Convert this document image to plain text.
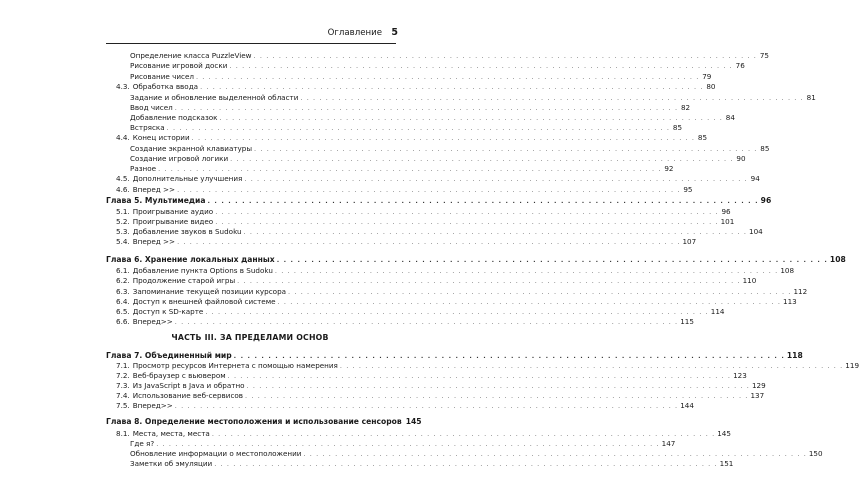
Оглавление 5
ЧАСТЬ III. ЗА ПРЕДЕЛАМИ ОСНОВ
Определение класса PuzzleView . . . . . . . . . . . . . . . . . . . . . . . . . . . . . . . . . . . . . . . . . . . . . . . . . . . . . . . . . . . . . . . . . . . . . . . . . . . . . . . . 75
Рисование игровой доски . . . . . . . . . . . . . . . . . . . . . . . . . . . . . . . . . . . . . . . . . . . . . . . . . . . . . . . . . . . . . . . . . . . . . . . . . . . . . . . . 76
Рисование чисел . . . . . . . . . . . . . . . . . . . . . . . . . . . . . . . . . . . . . . . . . . . . . . . . . . . . . . . . . . . . . . . . . . . . . . . . . . . . . . . . 79
4.3. Обработка ввода . . . . . . . . . . . . . . . . . . . . . . . . . . . . . . . . . . . . . . . . . . . . . . . . . . . . . . . . . . . . . . . . . . . . . . . . . . . . . . . . 80
Задание и обновление выделенной области . . . . . . . . . . . . . . . . . . . . . . . . . . . . . . . . . . . . . . . . . . . . . . . . . . . . . . . . . . . . . . . . . . . . . . . . . . . . . . . . 81
Ввод чисел . . . . . . . . . . . . . . . . . . . . . . . . . . . . . . . . . . . . . . . . . . . . . . . . . . . . . . . . . . . . . . . . . . . . . . . . . . . . . . . . 82
Добавление подсказок . . . . . . . . . . . . . . . . . . . . . . . . . . . . . . . . . . . . . . . . . . . . . . . . . . . . . . . . . . . . . . . . . . . . . . . . . . . . . . . . 84
Встряска . . . . . . . . . . . . . . . . . . . . . . . . . . . . . . . . . . . . . . . . . . . . . . . . . . . . . . . . . . . . . . . . . . . . . . . . . . . . . . . . 85
4.4. Конец истории . . . . . . . . . . . . . . . . . . . . . . . . . . . . . . . . . . . . . . . . . . . . . . . . . . . . . . . . . . . . . . . . . . . . . . . . . . . . . . . . 85
Создание экранной клавиатуры . . . . . . . . . . . . . . . . . . . . . . . . . . . . . . . . . . . . . . . . . . . . . . . . . . . . . . . . . . . . . . . . . . . . . . . . . . . . . . . . 85
Создание игровой логики . . . . . . . . . . . . . . . . . . . . . . . . . . . . . . . . . . . . . . . . . . . . . . . . . . . . . . . . . . . . . . . . . . . . . . . . . . . . . . . . 90
Разное . . . . . . . . . . . . . . . . . . . . . . . . . . . . . . . . . . . . . . . . . . . . . . . . . . . . . . . . . . . . . . . . . . . . . . . . . . . . . . . . 92
4.5. Дополнительные улучшения . . . . . . . . . . . . . . . . . . . . . . . . . . . . . . . . . . . . . . . . . . . . . . . . . . . . . . . . . . . . . . . . . . . . . . . . . . . . . . . . 94
4.6. Вперед >> . . . . . . . . . . . . . . . . . . . . . . . . . . . . . . . . . . . . . . . . . . . . . . . . . . . . . . . . . . . . . . . . . . . . . . . . . . . . . . . . 95
Глава 5. Мультимедиа . . . . . . . . . . . . . . . . . . . . . . . . . . . . . . . . . . . . . . . . . . . . . . . . . . . . . . . . . . . . . . . . . . . . . . . . . . . . . . . . 96
5.1. Проигрывание аудио . . . . . . . . . . . . . . . . . . . . . . . . . . . . . . . . . . . . . . . . . . . . . . . . . . . . . . . . . . . . . . . . . . . . . . . . . . . . . . . . 96
5.2. Проигрывание видео . . . . . . . . . . . . . . . . . . . . . . . . . . . . . . . . . . . . . . . . . . . . . . . . . . . . . . . . . . . . . . . . . . . . . . . . . . . . . . . . 101
5.3. Добавление звуков в Sudoku . . . . . . . . . . . . . . . . . . . . . . . . . . . . . . . . . . . . . . . . . . . . . . . . . . . . . . . . . . . . . . . . . . . . . . . . . . . . . . . . 104
5.4. Вперед >> . . . . . . . . . . . . . . . . . . . . . . . . . . . . . . . . . . . . . . . . . . . . . . . . . . . . . . . . . . . . . . . . . . . . . . . . . . . . . . . . 107
Глава 6. Хранение локальных данных . . . . . . . . . . . . . . . . . . . . . . . . . . . . . . . . . . . . . . . . . . . . . . . . . . . . . . . . . . . . . . . . . . . . . . . . . . . . . . . . 108
6.1. Добавление пункта Options в Sudoku . . . . . . . . . . . . . . . . . . . . . . . . . . . . . . . . . . . . . . . . . . . . . . . . . . . . . . . . . . . . . . . . . . . . . . . . . . . . . . . . 108
6.2. Продолжение старой игры . . . . . . . . . . . . . . . . . . . . . . . . . . . . . . . . . . . . . . . . . . . . . . . . . . . . . . . . . . . . . . . . . . . . . . . . . . . . . . . . 110
6.3. Запоминание текущей позиции курсора . . . . . . . . . . . . . . . . . . . . . . . . . . . . . . . . . . . . . . . . . . . . . . . . . . . . . . . . . . . . . . . . . . . . . . . . . . . . . . . . 112
6.4. Доступ к внешней файловой системе . . . . . . . . . . . . . . . . . . . . . . . . . . . . . . . . . . . . . . . . . . . . . . . . . . . . . . . . . . . . . . . . . . . . . . . . . . . . . . . . 113
6.5. Доступ к SD-карте . . . . . . . . . . . . . . . . . . . . . . . . . . . . . . . . . . . . . . . . . . . . . . . . . . . . . . . . . . . . . . . . . . . . . . . . . . . . . . . . 114
6.6. Вперед>> . . . . . . . . . . . . . . . . . . . . . . . . . . . . . . . . . . . . . . . . . . . . . . . . . . . . . . . . . . . . . . . . . . . . . . . . . . . . . . . . 115
Глава 7. Объединенный мир . . . . . . . . . . . . . . . . . . . . . . . . . . . . . . . . . . . . . . . . . . . . . . . . . . . . . . . . . . . . . . . . . . . . . . . . . . . . . . . . 118
7.1. Просмотр ресурсов Интернета с помощью намерения . . . . . . . . . . . . . . . . . . . . . . . . . . . . . . . . . . . . . . . . . . . . . . . . . . . . . . . . . . . . . . . . . . . . . . . . . . . . . . . . 119
7.2. Веб-браузер с вьювером . . . . . . . . . . . . . . . . . . . . . . . . . . . . . . . . . . . . . . . . . . . . . . . . . . . . . . . . . . . . . . . . . . . . . . . . . . . . . . . . 123
7.3. Из JavaScript в Java и обратно . . . . . . . . . . . . . . . . . . . . . . . . . . . . . . . . . . . . . . . . . . . . . . . . . . . . . . . . . . . . . . . . . . . . . . . . . . . . . . . . 129
7.4. Использование веб-сервисов . . . . . . . . . . . . . . . . . . . . . . . . . . . . . . . . . . . . . . . . . . . . . . . . . . . . . . . . . . . . . . . . . . . . . . . . . . . . . . . . 137
7.5. Вперед>> . . . . . . . . . . . . . . . . . . . . . . . . . . . . . . . . . . . . . . . . . . . . . . . . . . . . . . . . . . . . . . . . . . . . . . . . . . . . . . . . 144
Глава 8. Определение местоположения и использование сенсоров 145
8.1. Места, места, места . . . . . . . . . . . . . . . . . . . . . . . . . . . . . . . . . . . . . . . . . . . . . . . . . . . . . . . . . . . . . . . . . . . . . . . . . . . . . . . . 145
Где я? . . . . . . . . . . . . . . . . . . . . . . . . . . . . . . . . . . . . . . . . . . . . . . . . . . . . . . . . . . . . . . . . . . . . . . . . . . . . . . . . 147
Обновление информации о местоположении . . . . . . . . . . . . . . . . . . . . . . . . . . . . . . . . . . . . . . . . . . . . . . . . . . . . . . . . . . . . . . . . . . . . . . . . . . . . . . . . 150
Заметки об эмуляции . . . . . . . . . . . . . . . . . . . . . . . . . . . . . . . . . . . . . . . . . . . . . . . . . . . . . . . . . . . . . . . . . . . . . . . . . . . . . . . . 151
